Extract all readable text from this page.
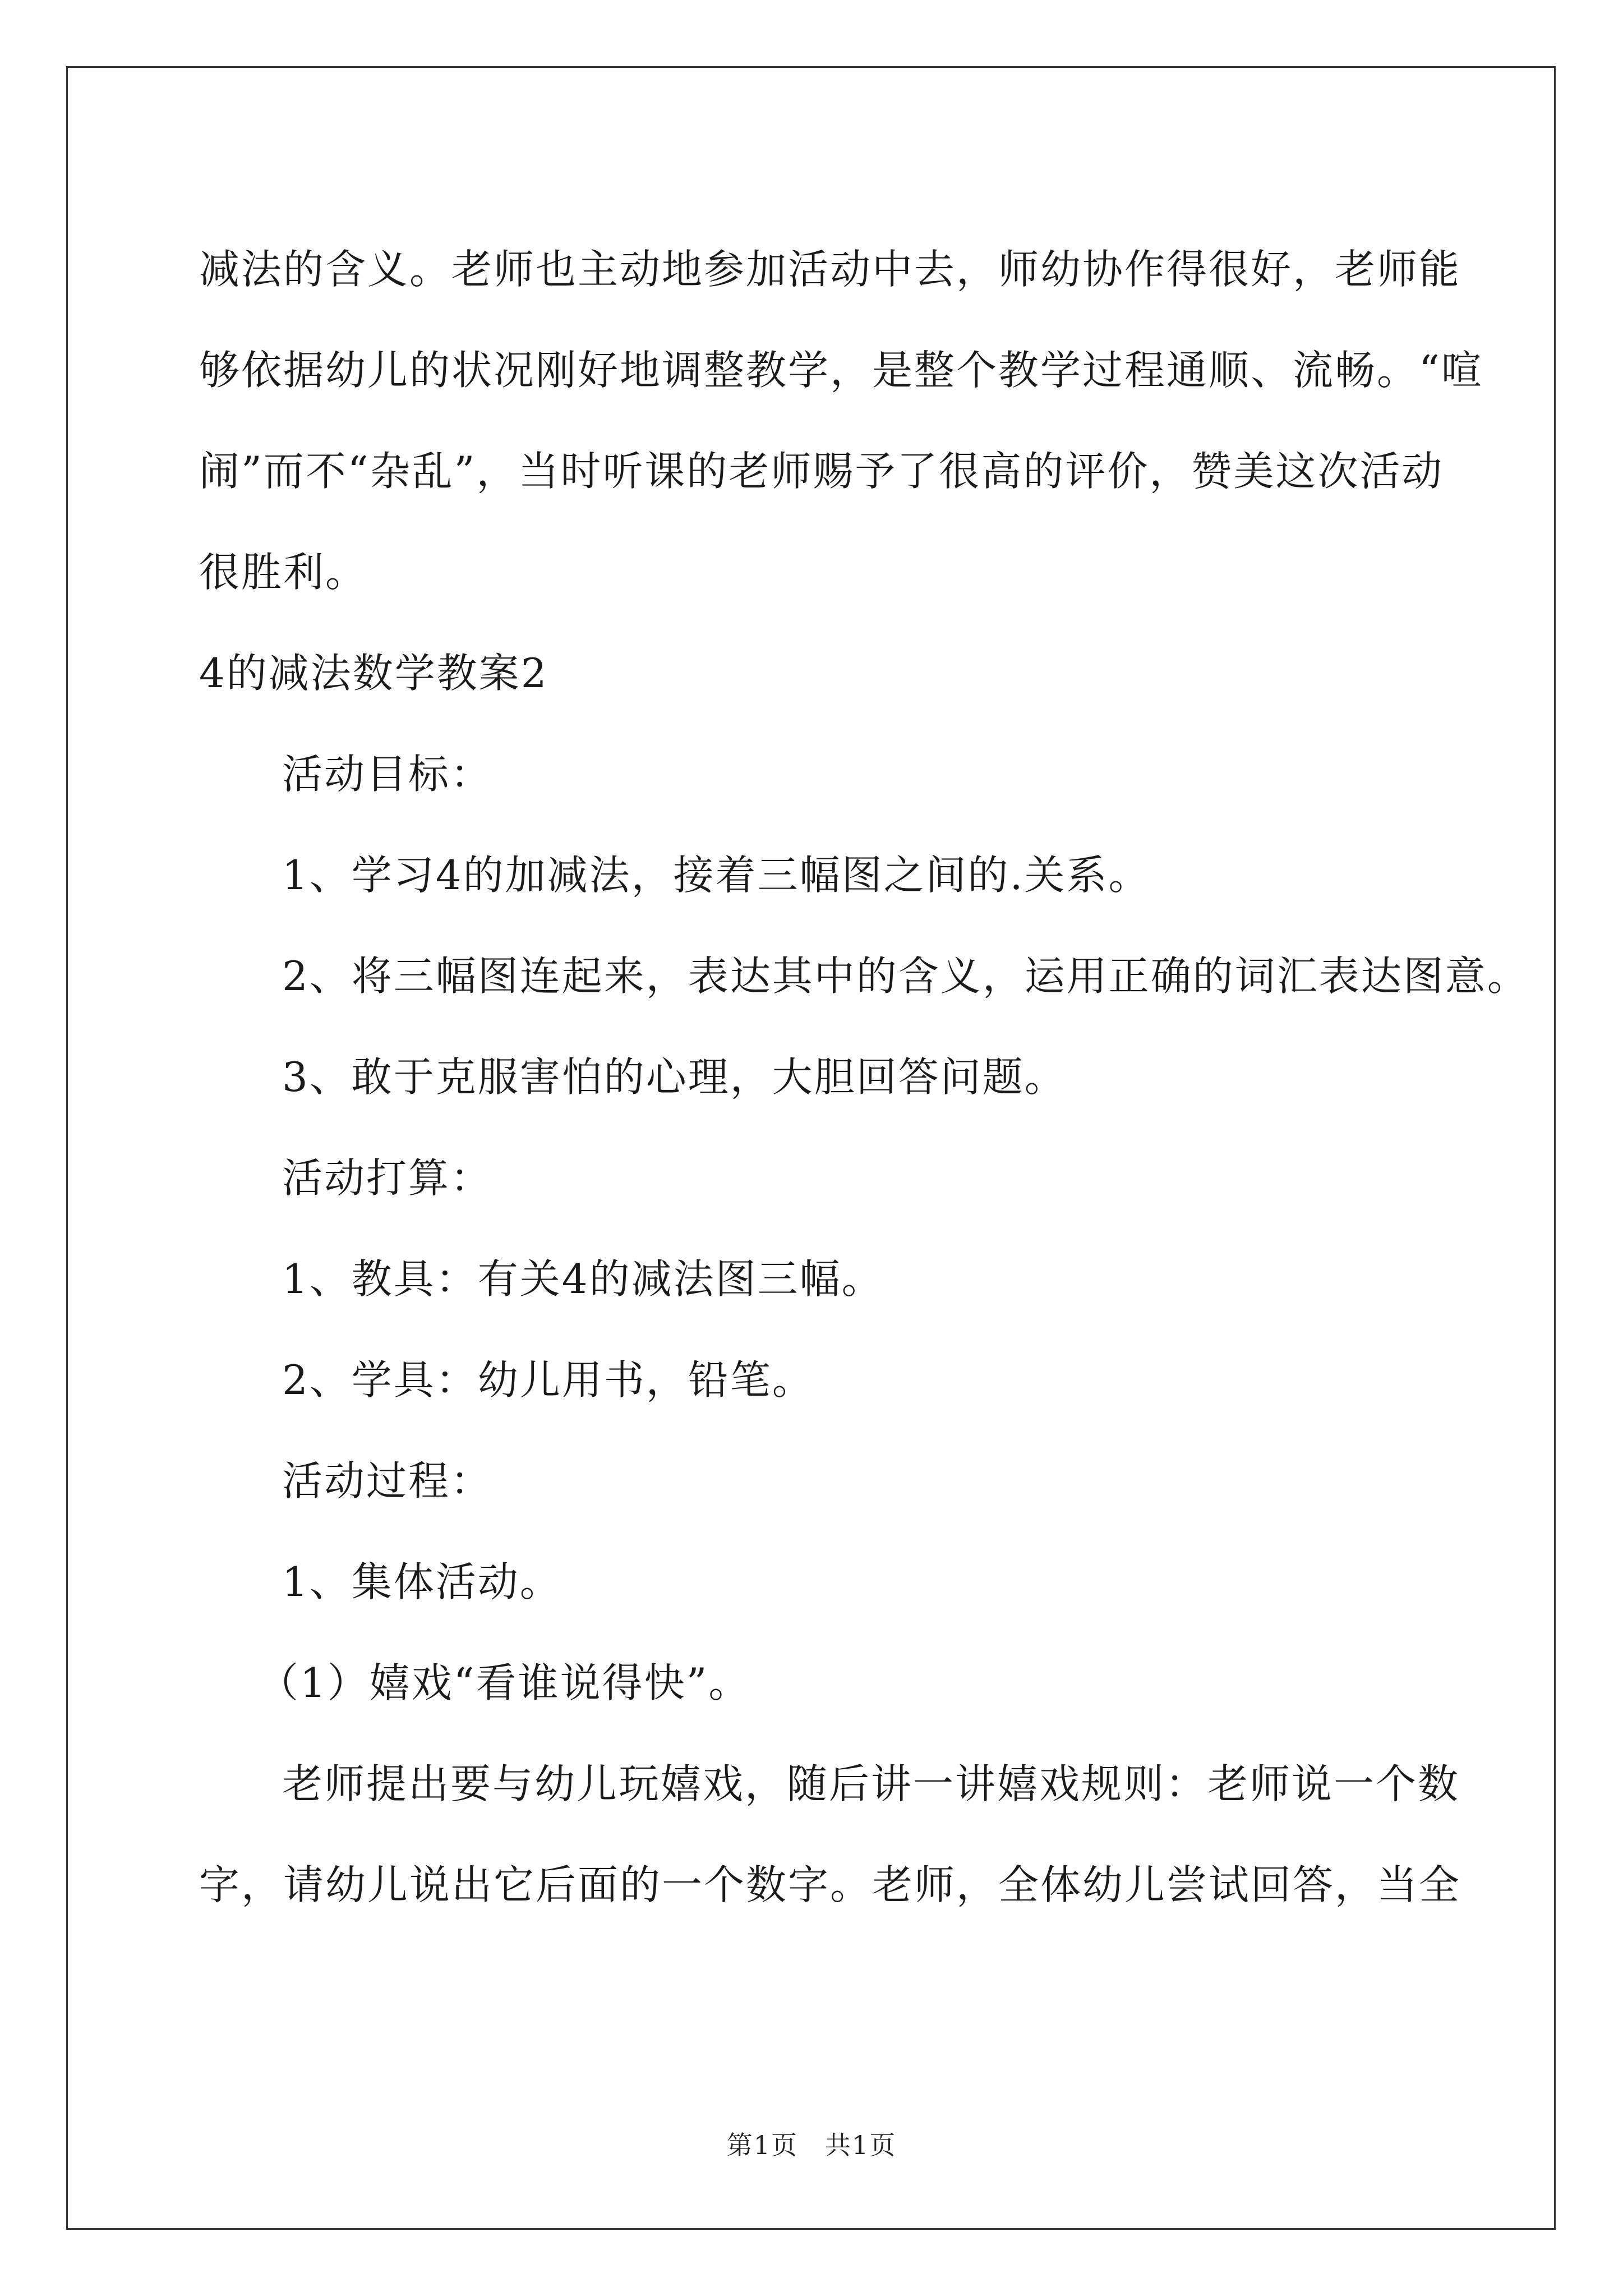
减法的含义。老师也主动地参加活动中去，师幼协作得很好，老师能
够依据幼儿的状况刚好地调整教学，是整个教学过程通顺、流畅。“喧
闹”而不“杂乱”，当时听课的老师赐予了很高的评价，赞美这次活动
很胜利。
4的减法数学教案2
活动目标：
1、学习4的加减法，接着三幅图之间的.关系。
2、将三幅图连起来，表达其中的含义，运用正确的词汇表达图意。
3、敢于克服害怕的心理，大胆回答问题。
活动打算：
1、教具：有关4的减法图三幅。
2、学具：幼儿用书，铅笔。
活动过程：
1、集体活动。
（1）嬉戏“看谁说得快”。
老师提出要与幼儿玩嬉戏，随后讲一讲嬉戏规则：老师说一个数
字，请幼儿说出它后面的一个数字。老师，全体幼儿尝试回答，当全
第1页　共1页
